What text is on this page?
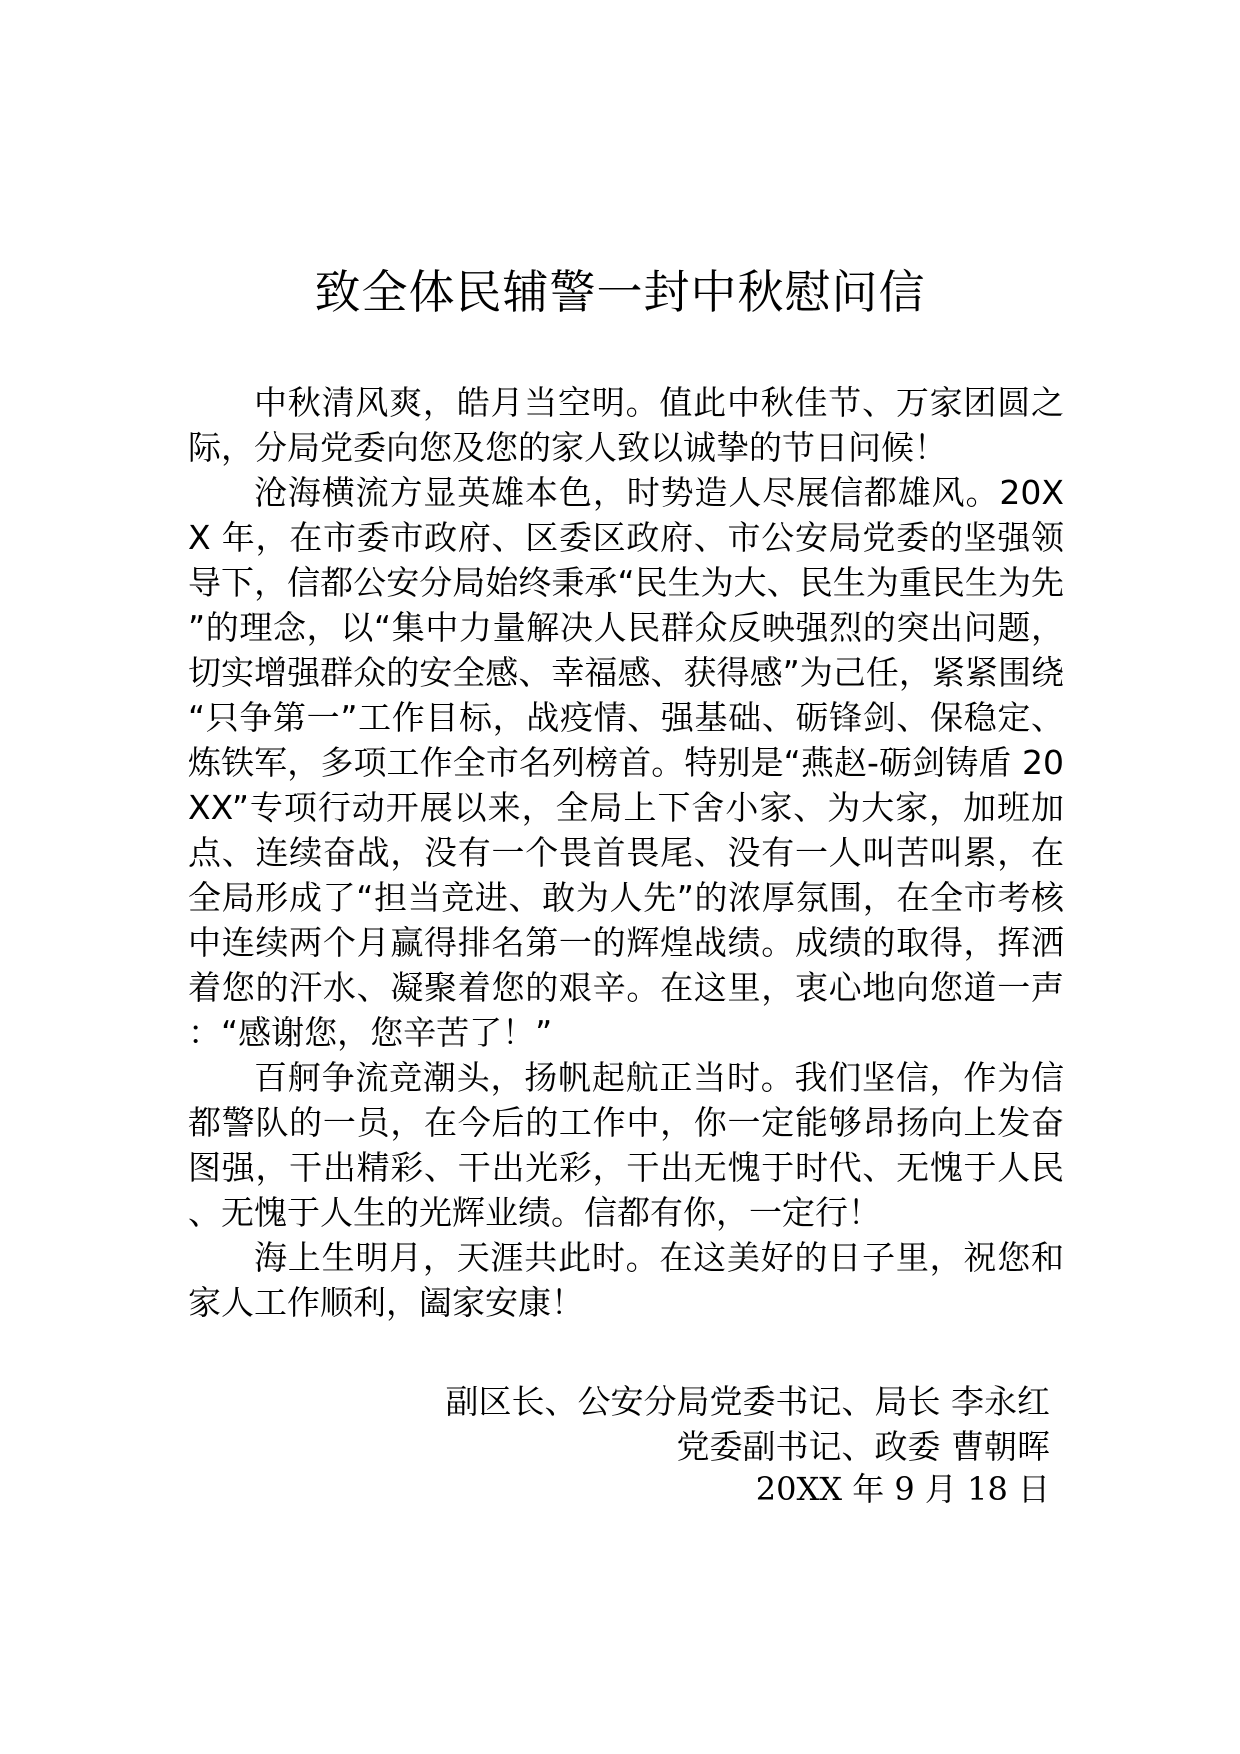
致全体民辅警一封中秋慰问信

中秋清风爽，皓月当空明。值此中秋佳节、万家团圆之际，分局党委向您及您的家人致以诚挚的节日问候！

沧海横流方显英雄本色，时势造人尽展信都雄风。20XX 年，在市委市政府、区委区政府、市公安局党委的坚强领导下，信都公安分局始终秉承“民生为大、民生为重民生为先”的理念，以“集中力量解决人民群众反映强烈的突出问题，切实增强群众的安全感、幸福感、获得感”为己任，紧紧围绕“只争第一”工作目标，战疫情、强基础、砺锋剑、保稳定、炼铁军，多项工作全市名列榜首。特别是“燕赵-砺剑铸盾 20XX”专项行动开展以来，全局上下舍小家、为大家，加班加点、连续奋战，没有一个畏首畏尾、没有一人叫苦叫累，在全局形成了“担当竞进、敢为人先”的浓厚氛围，在全市考核中连续两个月赢得排名第一的辉煌战绩。成绩的取得，挥洒着您的汗水、凝聚着您的艰辛。在这里，衷心地向您道一声：“感谢您，您辛苦了！”

百舸争流竞潮头，扬帆起航正当时。我们坚信，作为信都警队的一员，在今后的工作中，你一定能够昂扬向上发奋图强，干出精彩、干出光彩，干出无愧于时代、无愧于人民、无愧于人生的光辉业绩。信都有你，一定行！

海上生明月，天涯共此时。在这美好的日子里，祝您和家人工作顺利，阖家安康！

副区长、公安分局党委书记、局长 李永红
党委副书记、政委 曹朝晖
20XX 年 9 月 18 日
